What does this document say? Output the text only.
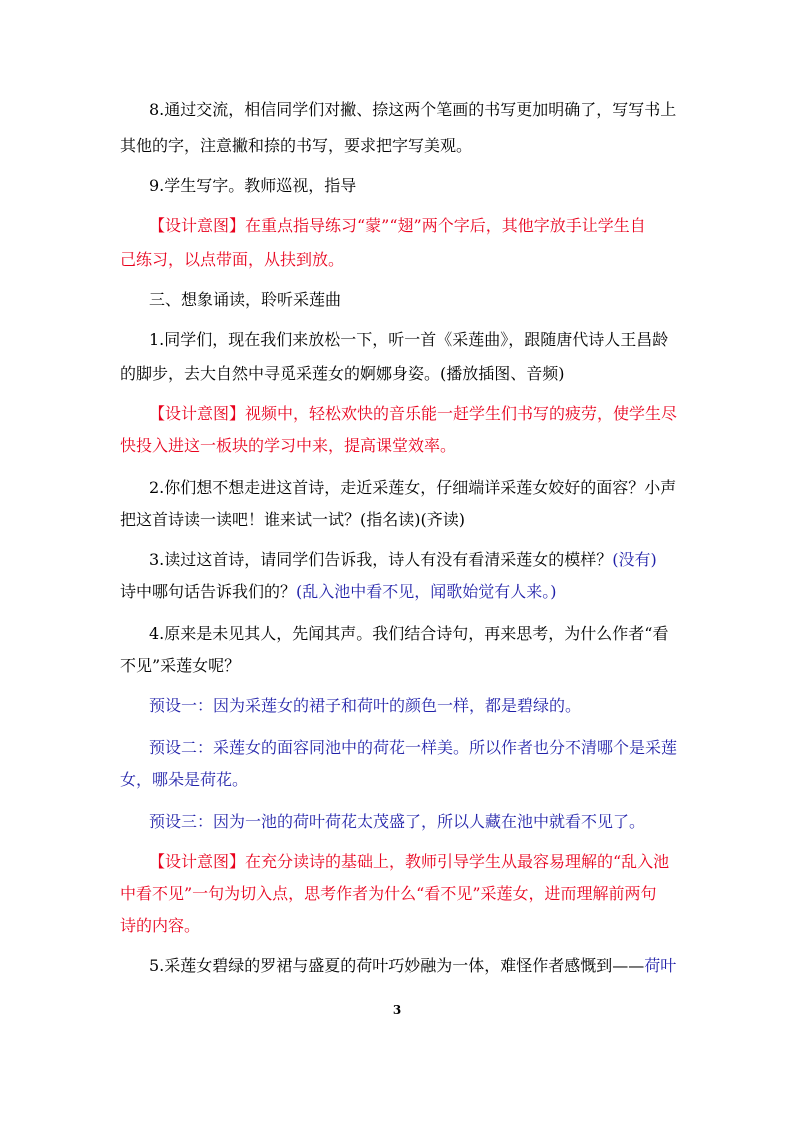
8.通过交流，相信同学们对撇、捺这两个笔画的书写更加明确了，写写书上
其他的字，注意撇和捺的书写，要求把字写美观。
9.学生写字。教师巡视，指导
【设计意图】在重点指导练习“蒙”“翅”两个字后，其他字放手让学生自
己练习，以点带面，从扶到放。
三、想象诵读，聆听采莲曲
1.同学们，现在我们来放松一下，听一首《采莲曲》，跟随唐代诗人王昌龄
的脚步，去大自然中寻觅采莲女的婀娜身姿。(播放插图、音频)
【设计意图】视频中，轻松欢快的音乐能一赶学生们书写的疲劳，使学生尽
快投入进这一板块的学习中来，提高课堂效率。
2.你们想不想走进这首诗，走近采莲女，仔细端详采莲女姣好的面容？小声
把这首诗读一读吧！谁来试一试？(指名读)(齐读)
3.读过这首诗，请同学们告诉我，诗人有没有看清采莲女的模样？(没有)
诗中哪句话告诉我们的？(乱入池中看不见，闻歌始觉有人来。)
4.原来是未见其人，先闻其声。我们结合诗句，再来思考，为什么作者“看
不见”采莲女呢？
预设一：因为采莲女的裙子和荷叶的颜色一样，都是碧绿的。
预设二：采莲女的面容同池中的荷花一样美。所以作者也分不清哪个是采莲
女，哪朵是荷花。
预设三：因为一池的荷叶荷花太茂盛了，所以人藏在池中就看不见了。
【设计意图】在充分读诗的基础上，教师引导学生从最容易理解的“乱入池
中看不见”一句为切入点，思考作者为什么“看不见”采莲女，进而理解前两句
诗的内容。
5.采莲女碧绿的罗裙与盛夏的荷叶巧妙融为一体，难怪作者感慨到——荷叶
3
